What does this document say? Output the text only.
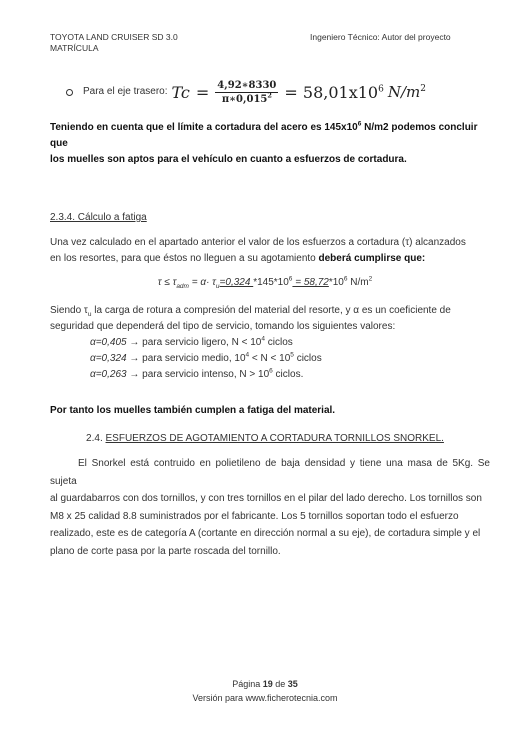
TOYOTA LAND CRUISER SD 3.0
MATRÍCULA
Ingeniero Técnico: Autor del proyecto
Para el eje trasero: $Tc = \frac{4,92∗8330}{\pi∗0,015^2} = 58,01x10^6$ $N/m^2$
Teniendo en cuenta que el límite a cortadura del acero es $145x10^6$ N/m2 podemos concluir que
los muelles son aptos para el vehículo en cuanto a esfuerzos de cortadura.
2.3.4. Cálculo a fatiga
Una vez calculado en el apartado anterior el valor de los esfuerzos a cortadura (τ) alcanzados
en los resortes, para que éstos no lleguen a su agotamiento deberá cumplirse que:
$\tau \le \tau_{adm} = \alpha\cdot \tau_u=0,324$ $*145*10^6 = 58,72*10^6$ $N/m^2$
Siendo $\tau_u$ la carga de rotura a compresión del material del resorte, y α es un coeficiente de
seguridad que dependerá del tipo de servicio, tomando los siguientes valores:
α=0,405 → para servicio ligero, $N < 10^4$ ciclos
α=0,324 → para servicio medio, $10^4 < N < 10^5$ ciclos
α=0,263 → para servicio intenso, $N > 10^6$ ciclos.
Por tanto los muelles también cumplen a fatiga del material.
2.4. ESFUERZOS DE AGOTAMIENTO A CORTADURA TORNILLOS SNORKEL.
El Snorkel está contruido en polietileno de baja densidad y tiene una masa de 5Kg. Se sujeta
al guardabarros con dos tornillos, y con tres tornillos en el pilar del lado derecho. Los tornillos son
M8 x 25 calidad 8.8 suministrados por el fabricante. Los 5 tornillos soportan todo el esfuerzo
realizado, este es de categoría A (cortante en dirección normal a su eje), de cortadura simple y el
plano de corte pasa por la parte roscada del tornillo.
Página 19 de 35
Versión para www.ficherotecnia.com
